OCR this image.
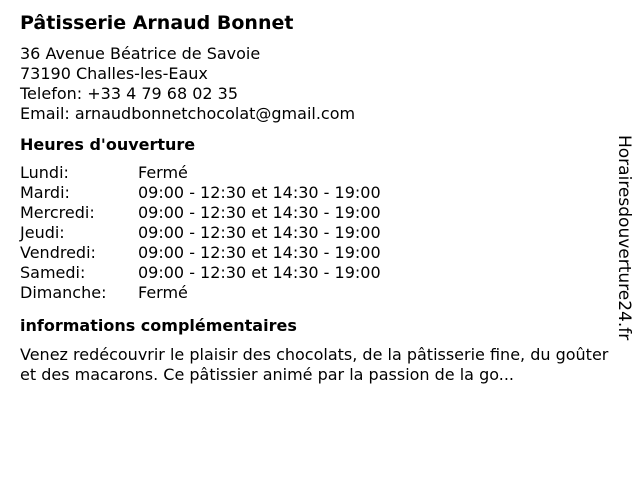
Pâtisserie Arnaud Bonnet
36 Avenue Béatrice de Savoie
73190 Challes-les-Eaux
Telefon: +33 4 79 68 02 35
Email: arnaudbonnetchocolat@gmail.com
Heures d'ouverture
Lundi:	Fermé
Mardi:	09:00 - 12:30 et 14:30 - 19:00
Mercredi:	09:00 - 12:30 et 14:30 - 19:00
Jeudi:	09:00 - 12:30 et 14:30 - 19:00
Vendredi:	09:00 - 12:30 et 14:30 - 19:00
Samedi:	09:00 - 12:30 et 14:30 - 19:00
Dimanche:	Fermé
informations complémentaires
Venez redécouvrir le plaisir des chocolats, de la pâtisserie fine, du goûter et des macarons. Ce pâtissier animé par la passion de la go...
Horairesdouverture24.fr
